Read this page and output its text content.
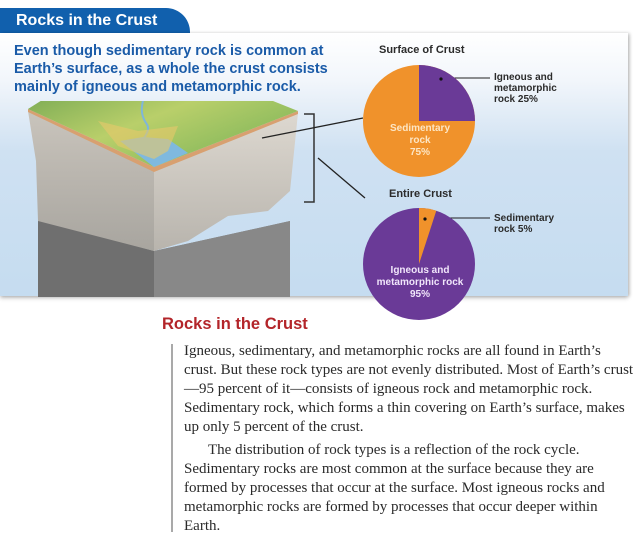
Rocks in the Crust
Even though sedimentary rock is common at Earth’s surface, as a whole the crust consists mainly of igneous and metamorphic rock.
Surface of Crust
Sedimentary
rock
75%
Igneous and
metamorphic
rock 25%
Entire Crust
Igneous and
metamorphic rock
95%
Sedimentary
rock 5%
Rocks in the Crust

Igneous, sedimentary, and metamorphic rocks are all found in Earth’s crust. But these rock types are not evenly distributed. Most of Earth’s crust—95 percent of it—consists of igneous rock and metamorphic rock. Sedimentary rock, which forms a thin covering on Earth’s surface, makes up only 5 percent of the crust.

The distribution of rock types is a reflection of the rock cycle. Sedimentary rocks are most common at the surface because they are formed by processes that occur at the surface. Most igneous rocks and metamorphic rocks are formed by processes that occur deeper within Earth.
